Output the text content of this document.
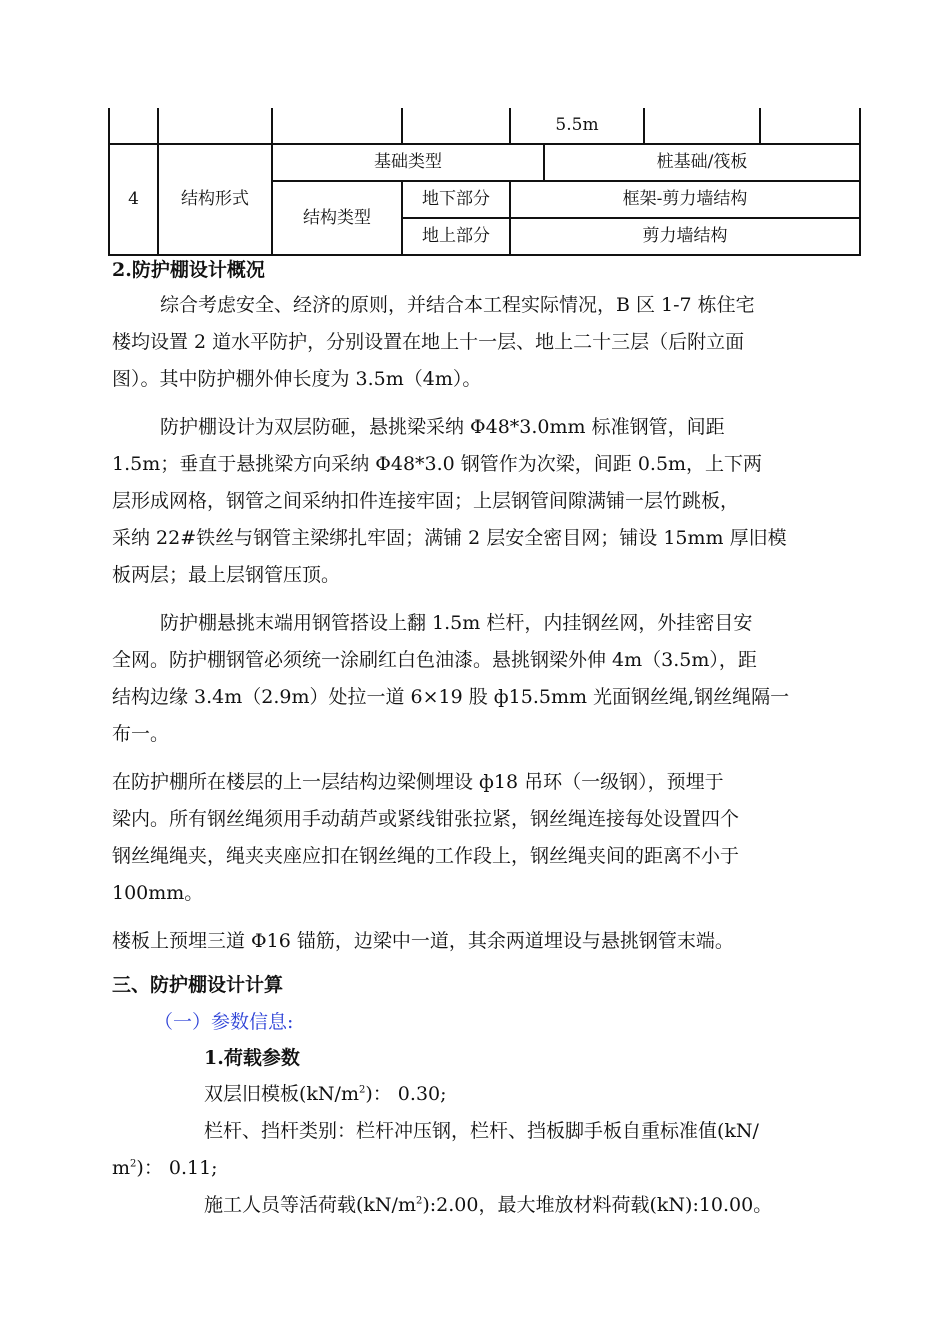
				5.5m			
4	结构形式	基础类型			桩基础/筏板		
		结构类型	地下部分	框架-剪力墙结构			
			地上部分	剪力墙结构			
2.防护棚设计概况
综合考虑安全、经济的原则，并结合本工程实际情况，B 区 1-7 栋住宅
楼均设置 2 道水平防护，分别设置在地上十一层、地上二十三层（后附立面
图）。其中防护棚外伸长度为 3.5m（4m）。
防护棚设计为双层防砸，悬挑梁采纳 Φ48*3.0mm 标准钢管，间距
1.5m；垂直于悬挑梁方向采纳 Φ48*3.0 钢管作为次梁，间距 0.5m，上下两
层形成网格，钢管之间采纳扣件连接牢固；上层钢管间隙满铺一层竹跳板，
采纳 22#铁丝与钢管主梁绑扎牢固；满铺 2 层安全密目网；铺设 15mm 厚旧模
板两层；最上层钢管压顶。
防护棚悬挑末端用钢管搭设上翻 1.5m 栏杆，内挂钢丝网，外挂密目安
全网。防护棚钢管必须统一涂刷红白色油漆。悬挑钢梁外伸 4m（3.5m），距
结构边缘 3.4m（2.9m）处拉一道 6×19 股 ф15.5mm 光面钢丝绳,钢丝绳隔一
布一。
在防护棚所在楼层的上一层结构边梁侧埋设 ф18 吊环（一级钢），预埋于
梁内。所有钢丝绳须用手动葫芦或紧线钳张拉紧，钢丝绳连接每处设置四个
钢丝绳绳夹，绳夹夹座应扣在钢丝绳的工作段上，钢丝绳夹间的距离不小于
100mm。
楼板上预埋三道 Φ16 锚筋，边梁中一道，其余两道埋设与悬挑钢管末端。
三、防护棚设计计算
（一）参数信息:
1.荷载参数
双层旧模板$(kN/m^2)$： 0.30;
栏杆、挡杆类别：栏杆冲压钢，栏杆、挡板脚手板自重标准值(kN/
$m^2$)： 0.11;
施工人员等活荷载$(kN/m^2):2.00$，最大堆放材料荷载(kN):10.00。
